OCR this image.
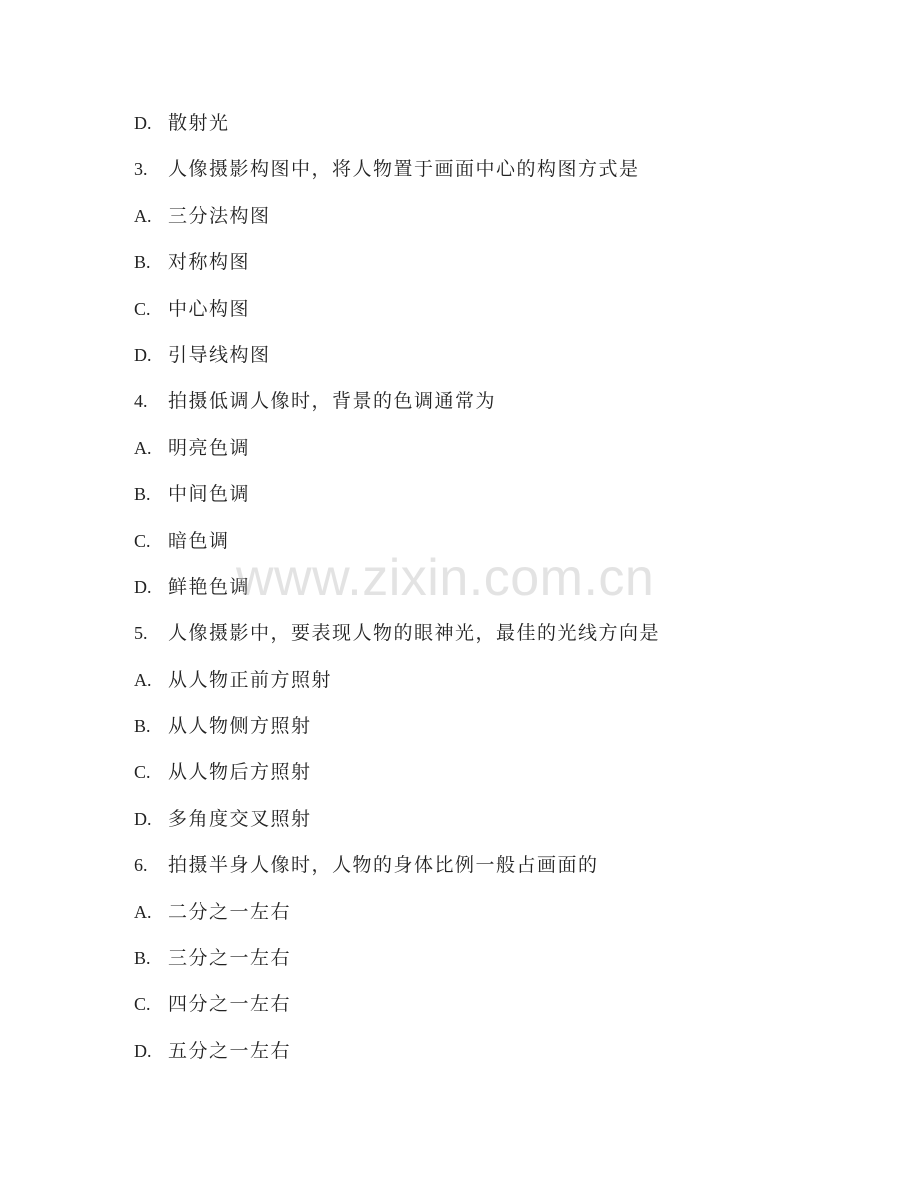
D. 散射光
3.	人像摄影构图中，将人物置于画面中心的构图方式是
A. 三分法构图
B. 对称构图
C. 中心构图
D. 引导线构图
4.	拍摄低调人像时，背景的色调通常为
A. 明亮色调
B. 中间色调
C. 暗色调
D. 鲜艳色调
5.	人像摄影中，要表现人物的眼神光，最佳的光线方向是
A. 从人物正前方照射
B. 从人物侧方照射
C. 从人物后方照射
D. 多角度交叉照射
6.	拍摄半身人像时，人物的身体比例一般占画面的
A. 二分之一左右
B. 三分之一左右
C. 四分之一左右
D. 五分之一左右
www.zixin.com.cn
